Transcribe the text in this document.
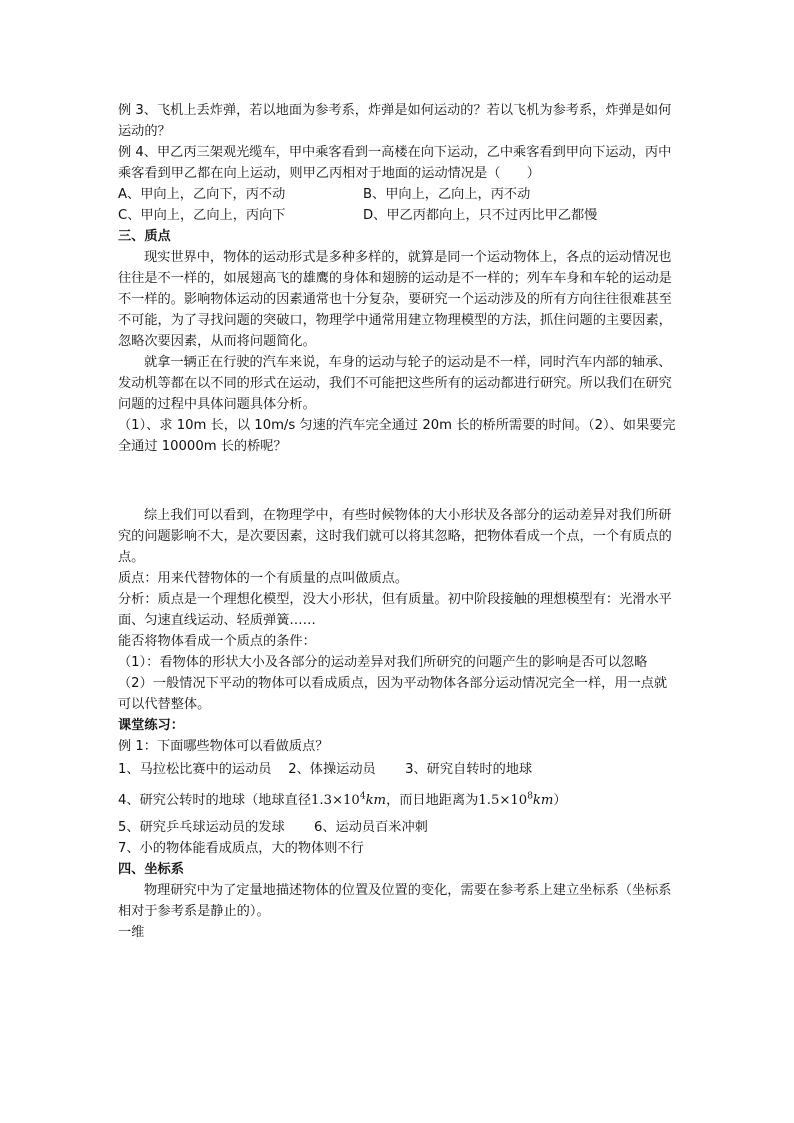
例 3、飞机上丢炸弹，若以地面为参考系，炸弹是如何运动的？若以飞机为参考系，炸弹是如何运动的？

例 4、甲乙丙三架观光缆车，甲中乘客看到一高楼在向下运动，乙中乘客看到甲向下运动，丙中乘客看到甲乙都在向上运动，则甲乙丙相对于地面的运动情况是（　　）

A、甲向上，乙向下，丙不动	B、甲向上，乙向上，丙不动

C、甲向上，乙向上，丙向下	D、甲乙丙都向上，只不过丙比甲乙都慢

三、质点

现实世界中，物体的运动形式是多种多样的，就算是同一个运动物体上，各点的运动情况也往往是不一样的，如展翅高飞的雄鹰的身体和翅膀的运动是不一样的；列车车身和车轮的运动是不一样的。影响物体运动的因素通常也十分复杂，要研究一个运动涉及的所有方向往往很难甚至不可能，为了寻找问题的突破口，物理学中通常用建立物理模型的方法，抓住问题的主要因素，忽略次要因素，从而将问题简化。

就拿一辆正在行驶的汽车来说，车身的运动与轮子的运动是不一样，同时汽车内部的轴承、发动机等都在以不同的形式在运动，我们不可能把这些所有的运动都进行研究。所以我们在研究问题的过程中具体问题具体分析。

（1）、求 10m 长，以 10m/s 匀速的汽车完全通过 20m 长的桥所需要的时间。（2）、如果要完全通过 10000m 长的桥呢？

综上我们可以看到，在物理学中，有些时候物体的大小形状及各部分的运动差异对我们所研究的问题影响不大，是次要因素，这时我们就可以将其忽略，把物体看成一个点，一个有质点的点。

质点：用来代替物体的一个有质量的点叫做质点。

分析：质点是一个理想化模型，没大小形状，但有质量。初中阶段接触的理想模型有：光滑水平面、匀速直线运动、轻质弹簧……

能否将物体看成一个质点的条件：

（1）：看物体的形状大小及各部分的运动差异对我们所研究的问题产生的影响是否可以忽略

（2）一般情况下平动的物体可以看成质点，因为平动物体各部分运动情况完全一样，用一点就可以代替整体。

课堂练习：

例 1：下面哪些物体可以看做质点？

1、马拉松比赛中的运动员 2、体操运动员 3、研究自转时的地球

4、研究公转时的地球（地球直径$1.3\times 10^4km$，而日地距离为$1.5\times 10^8km$）

5、研究乒乓球运动员的发球 6、运动员百米冲刺

7、小的物体能看成质点，大的物体则不行

四、坐标系

物理研究中为了定量地描述物体的位置及位置的变化，需要在参考系上建立坐标系（坐标系相对于参考系是静止的）。

一维
